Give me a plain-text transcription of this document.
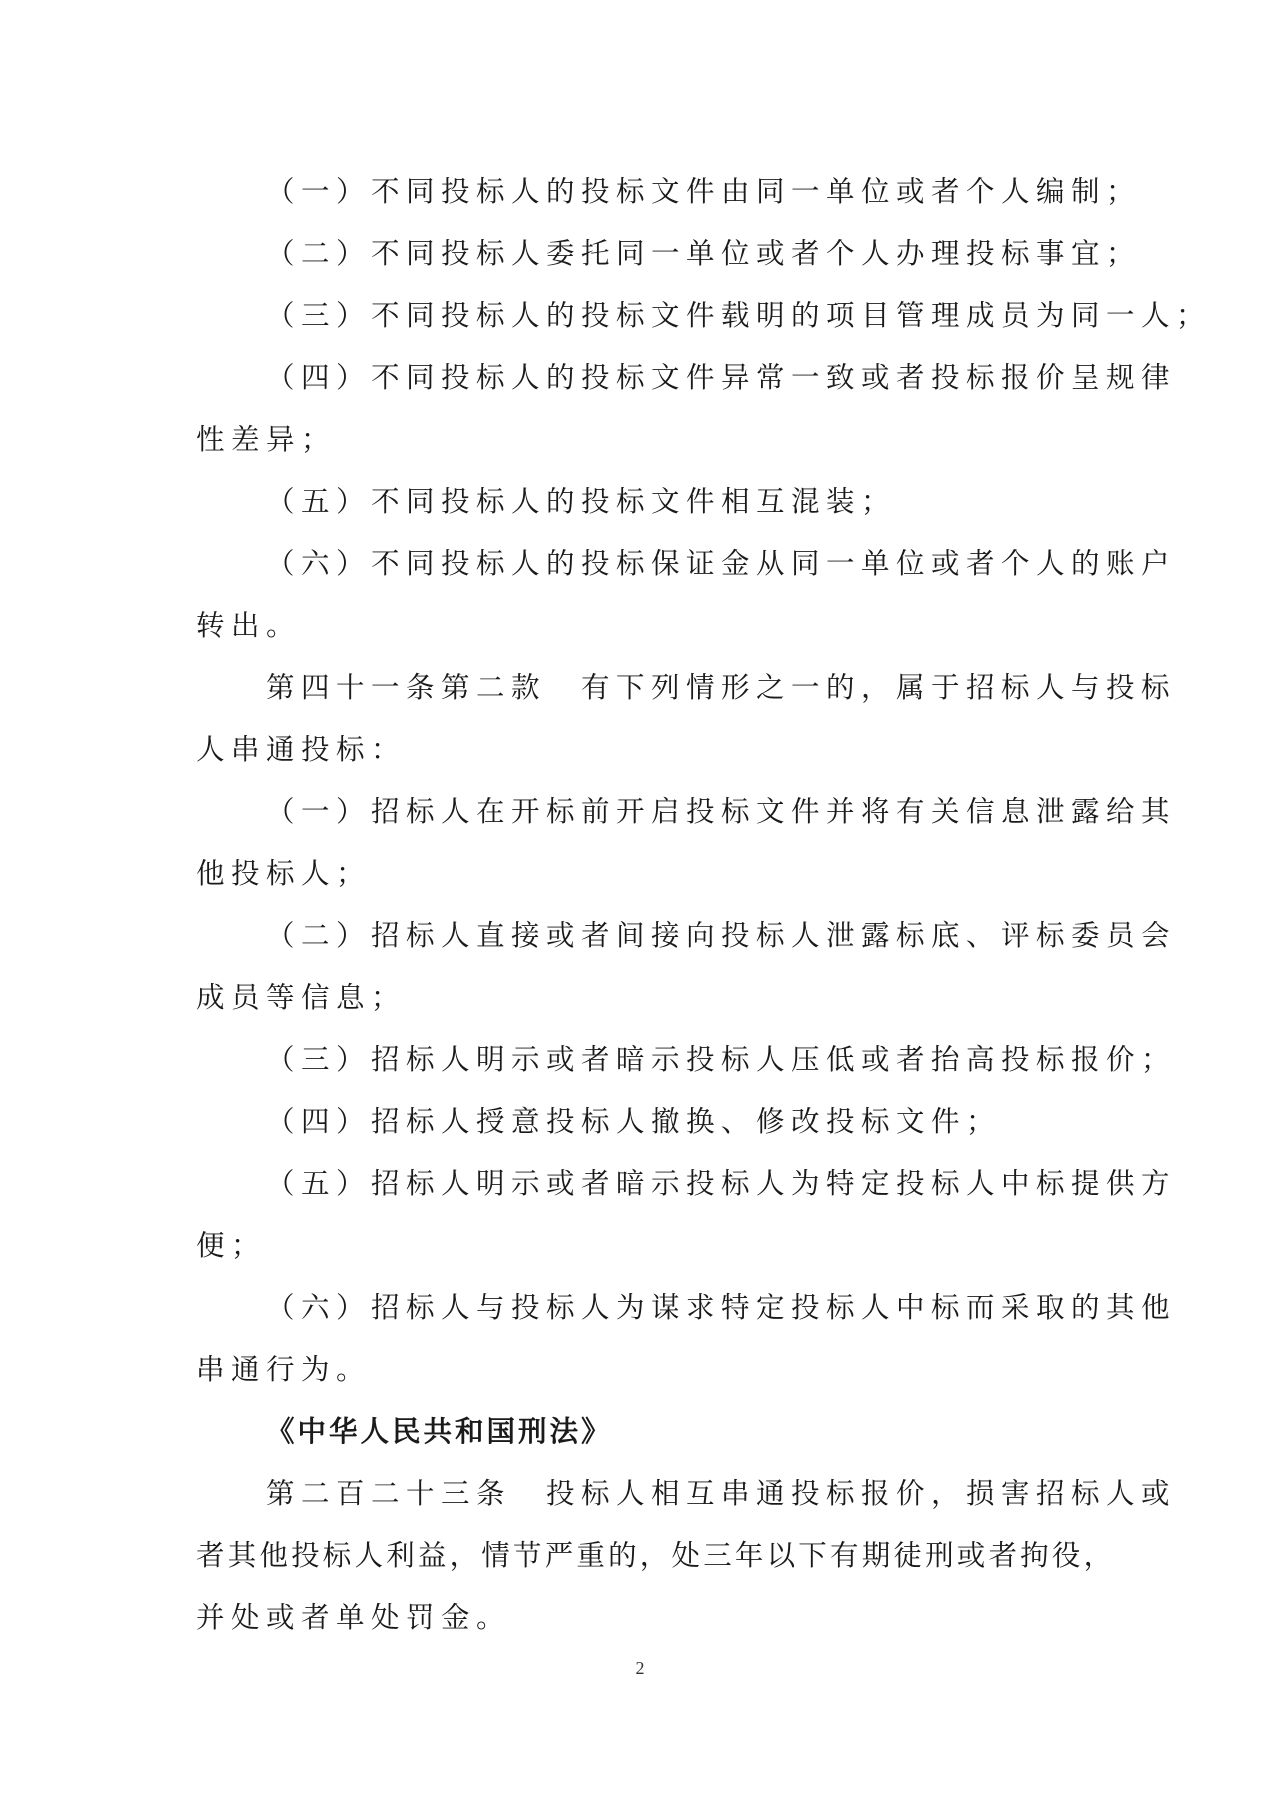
（一）不同投标人的投标文件由同一单位或者个人编制；

（二）不同投标人委托同一单位或者个人办理投标事宜；

（三）不同投标人的投标文件载明的项目管理成员为同一人；

（四）不同投标人的投标文件异常一致或者投标报价呈规律

性差异；

（五）不同投标人的投标文件相互混装；

（六）不同投标人的投标保证金从同一单位或者个人的账户

转出。

第四十一条第二款　有下列情形之一的，属于招标人与投标

人串通投标：

（一）招标人在开标前开启投标文件并将有关信息泄露给其

他投标人；

（二）招标人直接或者间接向投标人泄露标底、评标委员会

成员等信息；

（三）招标人明示或者暗示投标人压低或者抬高投标报价；

（四）招标人授意投标人撤换、修改投标文件；

（五）招标人明示或者暗示投标人为特定投标人中标提供方

便；

（六）招标人与投标人为谋求特定投标人中标而采取的其他

串通行为。

《中华人民共和国刑法》

第二百二十三条　投标人相互串通投标报价，损害招标人或

者其他投标人利益，情节严重的，处三年以下有期徒刑或者拘役，

并处或者单处罚金。

2
